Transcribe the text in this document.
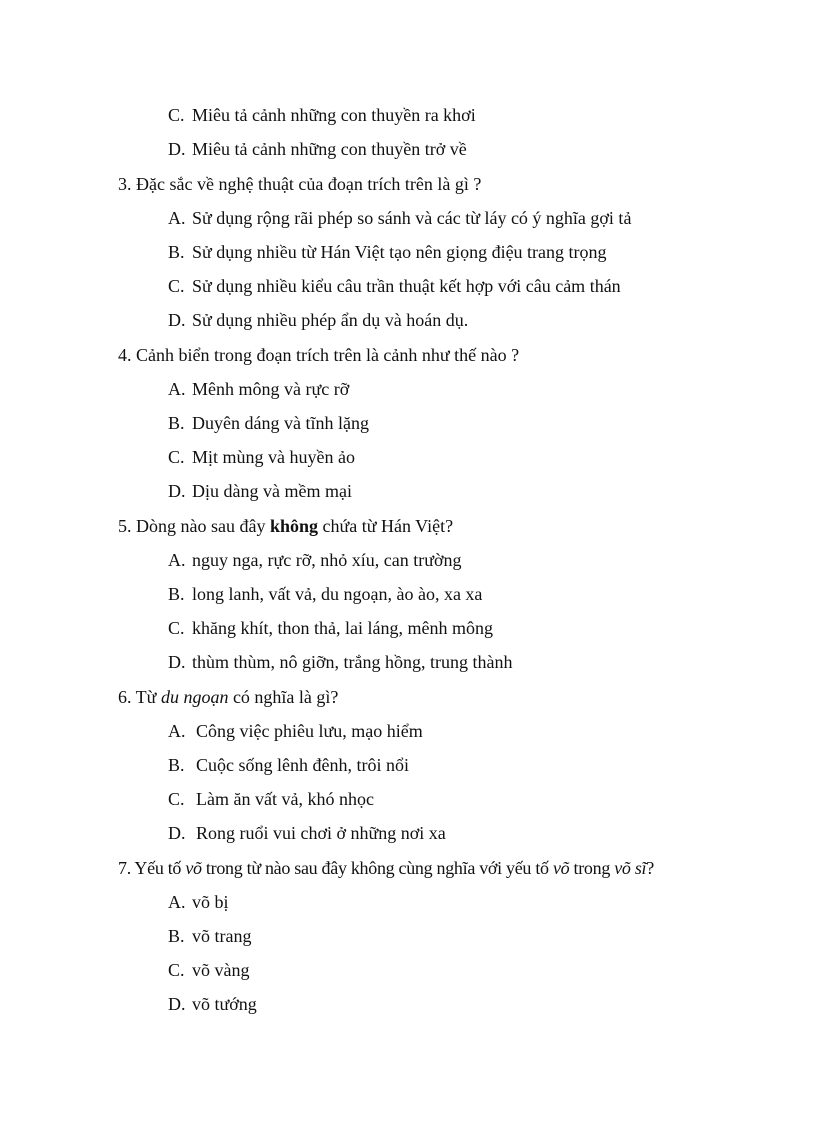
C. Miêu tả cảnh những con thuyền ra khơi
D. Miêu tả cảnh những con thuyền trở về
3. Đặc sắc về nghệ thuật của đoạn trích trên là gì ?
A. Sử dụng rộng rãi phép so sánh và các từ láy có ý nghĩa gợi tả
B. Sử dụng nhiều từ Hán Việt tạo nên giọng điệu trang trọng
C. Sử dụng nhiều kiểu câu trần thuật kết hợp với câu cảm thán
D. Sử dụng nhiều phép ẩn dụ và hoán dụ.
4. Cảnh biển trong đoạn trích trên là cảnh như thế nào ?
A. Mênh mông và rực rỡ
B. Duyên dáng và tĩnh lặng
C. Mịt mùng và huyền ảo
D. Dịu dàng và mềm mại
5. Dòng nào sau đây không chứa từ Hán Việt?
A. nguy nga, rực rỡ, nhỏ xíu, can trường
B. long lanh, vất vả, du ngoạn, ào ào, xa xa
C. khăng khít, thon thả, lai láng, mênh mông
D. thùm thùm, nô giỡn, trắng hồng, trung thành
6. Từ du ngoạn có nghĩa là gì?
A. Công việc phiêu lưu, mạo hiểm
B. Cuộc sống lênh đênh, trôi nổi
C. Làm ăn vất vả, khó nhọc
D. Rong ruổi vui chơi ở những nơi xa
7. Yếu tố võ trong từ nào sau đây không cùng nghĩa với yếu tố võ trong võ sĩ?
A. võ bị
B. võ trang
C. võ vàng
D. võ tướng
